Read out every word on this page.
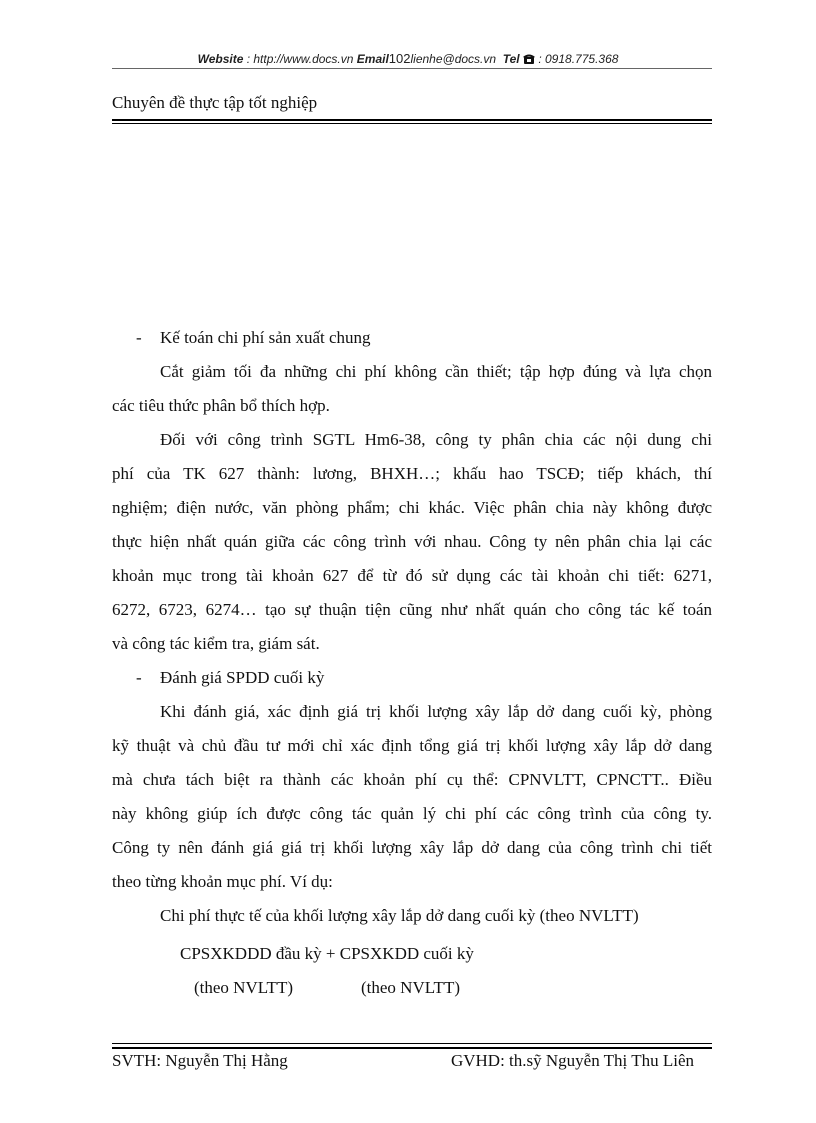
Website : http://www.docs.vn Email102lienhe@docs.vn Tel : 0918.775.368
Chuyên đề thực tập tốt nghiệp
- Kế toán chi phí sản xuất chung
Cắt giảm tối đa những chi phí không cần thiết; tập hợp đúng và lựa chọn
các tiêu thức phân bổ thích hợp.
Đối với công trình SGTL Hm6-38, công ty phân chia các nội dung chi
phí của TK 627 thành: lương, BHXH…; khấu hao TSCĐ; tiếp khách, thí
nghiệm; điện nước, văn phòng phẩm; chi khác. Việc phân chia này không được
thực hiện nhất quán giữa các công trình với nhau. Công ty nên phân chia lại các
khoản mục trong tài khoản 627 để từ đó sử dụng các tài khoản chi tiết: 6271,
6272, 6723, 6274… tạo sự thuận tiện cũng như nhất quán cho công tác kế toán
và công tác kiểm tra, giám sát.
- Đánh giá SPDD cuối kỳ
Khi đánh giá, xác định giá trị khối lượng xây lắp dở dang cuối kỳ, phòng
kỹ thuật và chủ đầu tư mới chỉ xác định tổng giá trị khối lượng xây lắp dở dang
mà chưa tách biệt ra thành các khoản phí cụ thể: CPNVLTT, CPNCTT.. Điều
này không giúp ích được công tác quản lý chi phí các công trình của công ty.
Công ty nên đánh giá giá trị khối lượng xây lắp dở dang của công trình chi tiết
theo từng khoản mục phí. Ví dụ:
Chi phí thực tế của khối lượng xây lắp dở dang cuối kỳ (theo NVLTT)
CPSXKDDD đầu kỳ + CPSXKDD cuối kỳ
(theo NVLTT)	(theo NVLTT)
SVTH: Nguyễn Thị Hằng	GVHD: th.sỹ Nguyễn Thị Thu Liên
